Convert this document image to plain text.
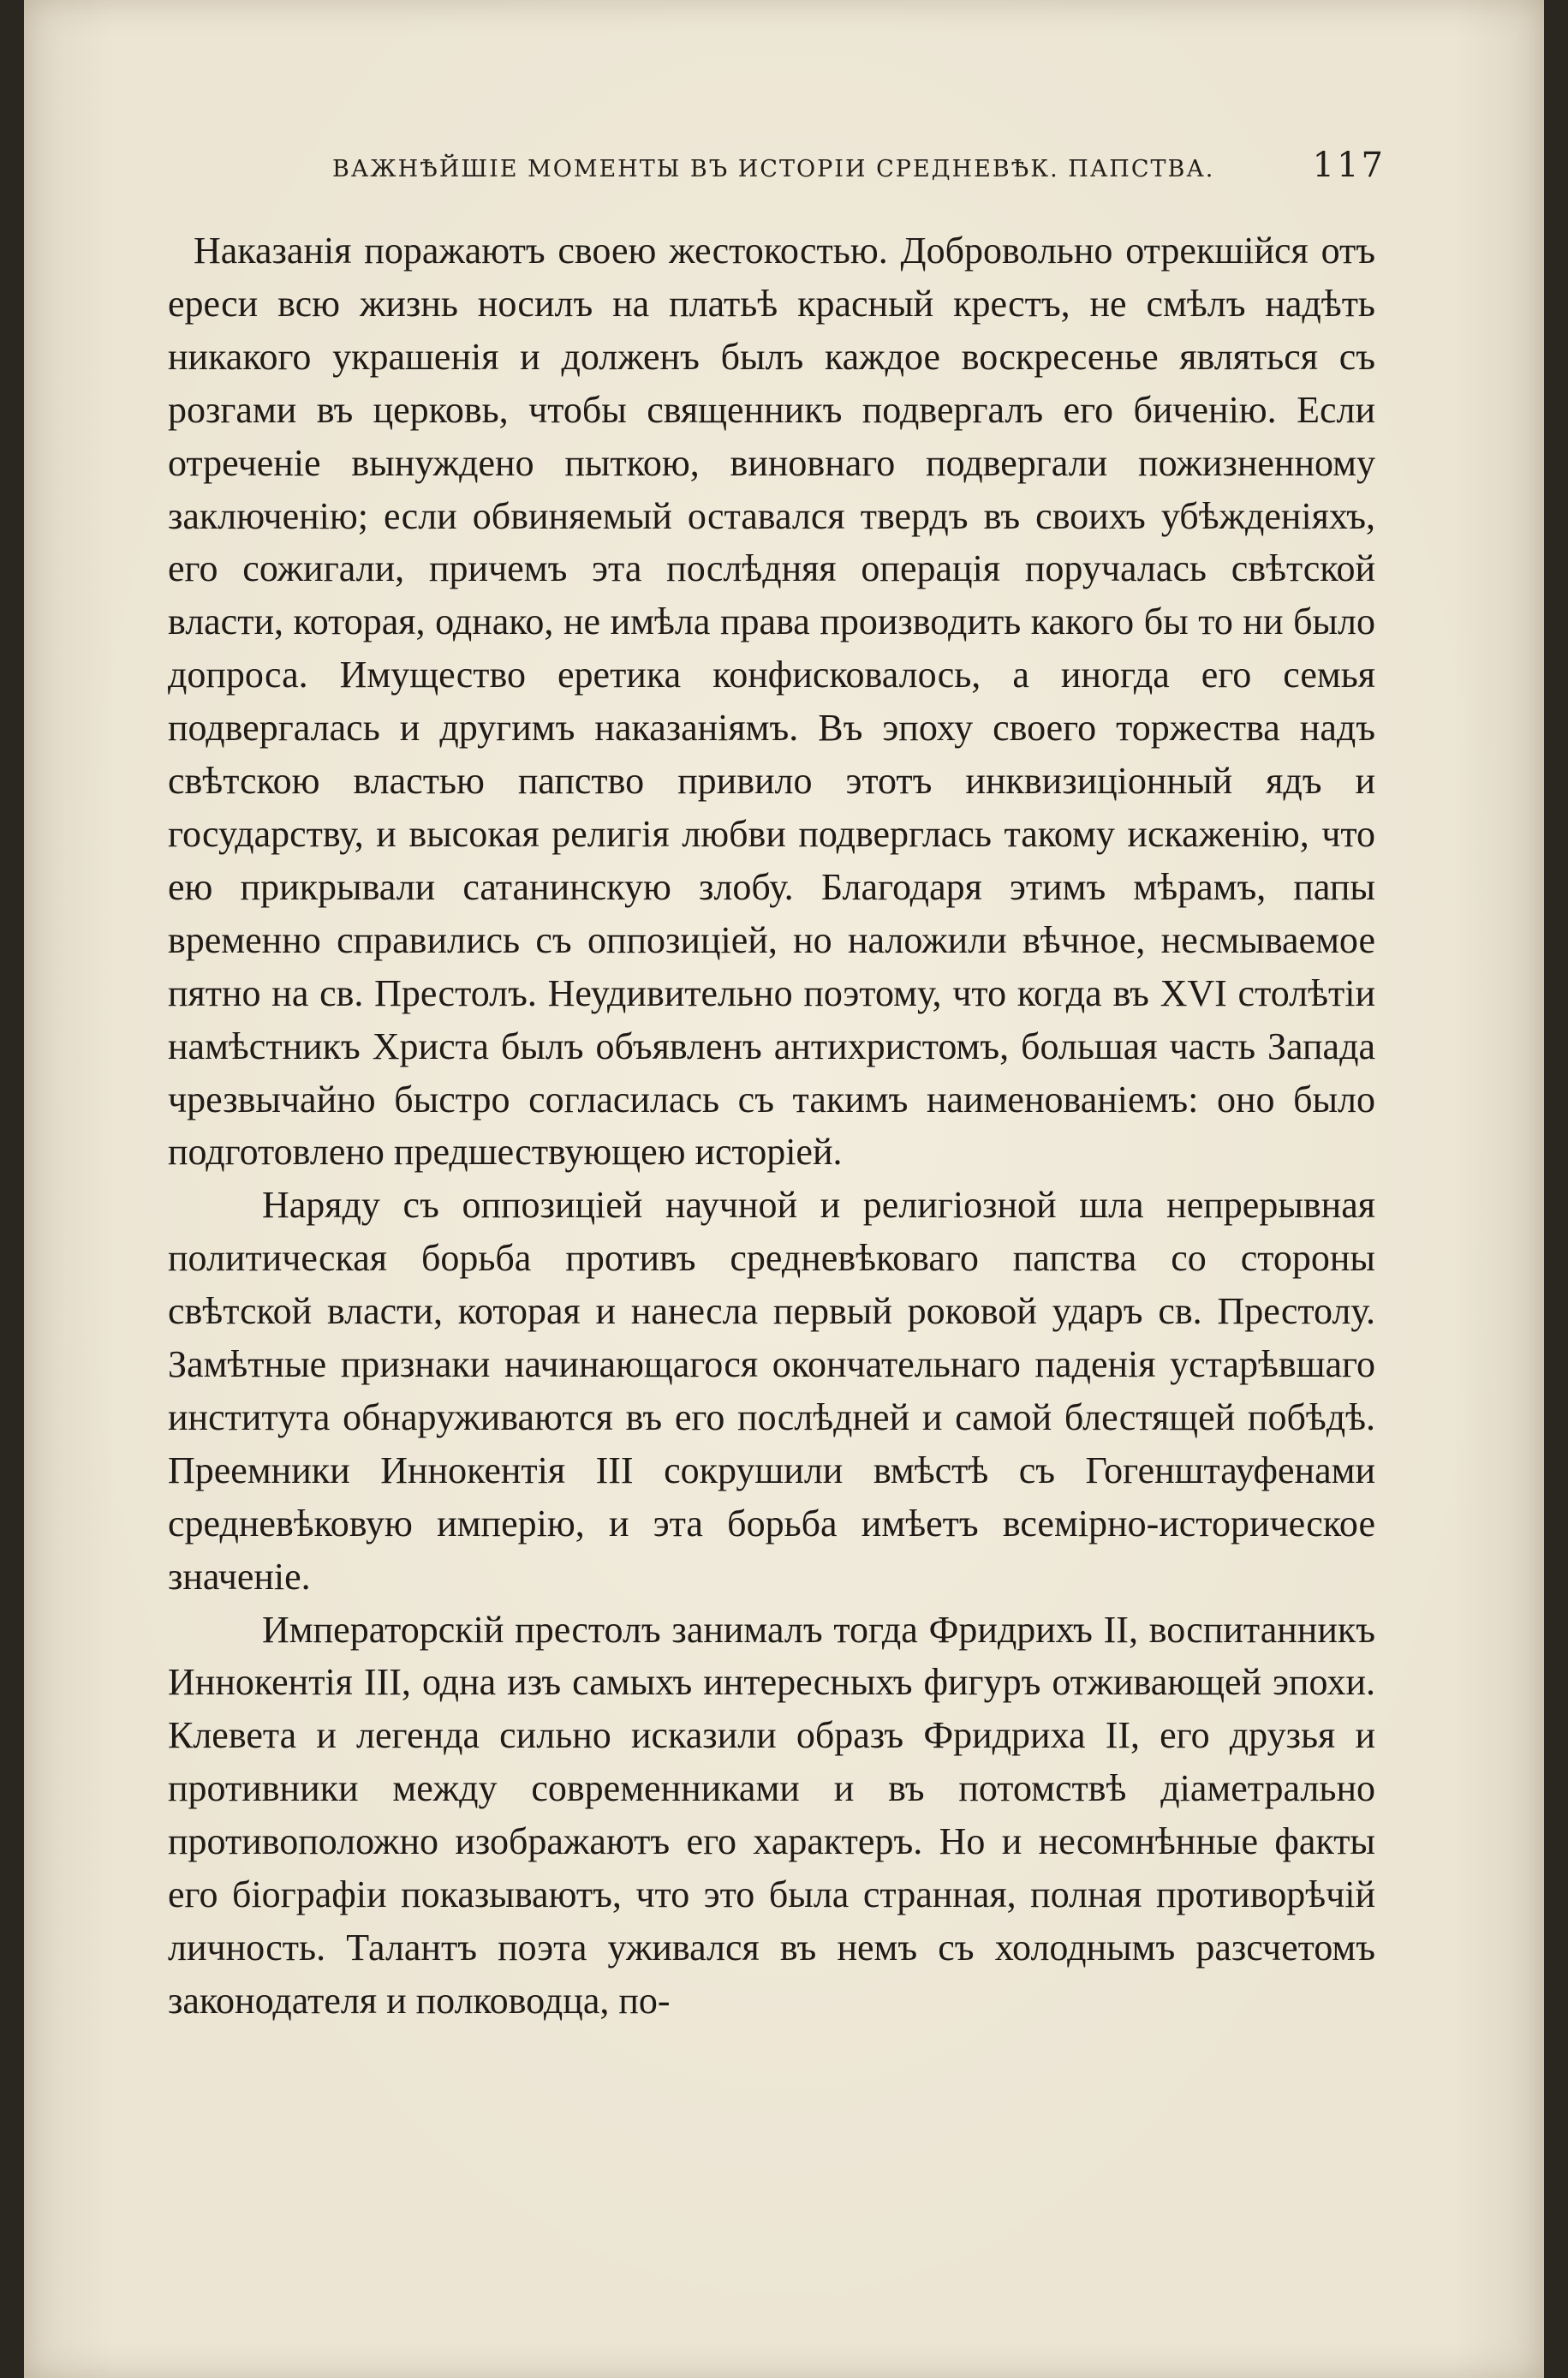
ВАЖНѢЙШІЕ МОМЕНТЫ ВЪ ИСТОРІИ СРЕДНЕВѢК. ПАПСТВА.	117

Наказанія поражаютъ своею жестокостью. Добровольно отрекшійся отъ ереси всю жизнь носилъ на платьѣ красный крестъ, не смѣлъ надѣть никакого украшенія и долженъ былъ каждое воскресенье являться съ розгами въ церковь, чтобы священникъ подвергалъ его биченію. Если отреченіе вынуждено пыткою, виновнаго подвергали пожизненному заключенію; если обвиняемый оставался твердъ въ своихъ убѣжденіяхъ, его сожигали, причемъ эта послѣдняя операція поручалась свѣтской власти, которая, однако, не имѣла права производить какого бы то ни было допроса. Имущество еретика конфисковалось, а иногда его семья подвергалась и другимъ наказаніямъ. Въ эпоху своего торжества надъ свѣтскою властью папство привило этотъ инквизиціонный ядъ и государству, и высокая религія любви подверглась такому искаженію, что ею прикрывали сатанинскую злобу. Благодаря этимъ мѣрамъ, папы временно справились съ оппозиціей, но наложили вѣчное, несмываемое пятно на св. Престолъ. Неудивительно поэтому, что когда въ XVI столѣтіи намѣстникъ Христа былъ объявленъ антихристомъ, большая часть Запада чрезвычайно быстро согласилась съ такимъ наименованіемъ: оно было подготовлено предшествующею исторіей.

Наряду съ оппозиціей научной и религіозной шла непрерывная политическая борьба противъ средневѣковаго папства со стороны свѣтской власти, которая и нанесла первый роковой ударъ св. Престолу. Замѣтные признаки начинающагося окончательнаго паденія устарѣвшаго института обнаруживаются въ его послѣдней и самой блестящей побѣдѣ. Преемники Иннокентія III сокрушили вмѣстѣ съ Гогенштауфенами средневѣковую имперію, и эта борьба имѣетъ всемірно-историческое значеніе.

Императорскій престолъ занималъ тогда Фридрихъ II, воспитанникъ Иннокентія III, одна изъ самыхъ интересныхъ фигуръ отживающей эпохи. Клевета и легенда сильно исказили образъ Фридриха II, его друзья и противники между современниками и въ потомствѣ діаметрально противоположно изображаютъ его характеръ. Но и несомнѣнные факты его біографіи показываютъ, что это была странная, полная противорѣчій личность. Талантъ поэта уживался въ немъ съ холоднымъ разсчетомъ законодателя и полководца, по-
